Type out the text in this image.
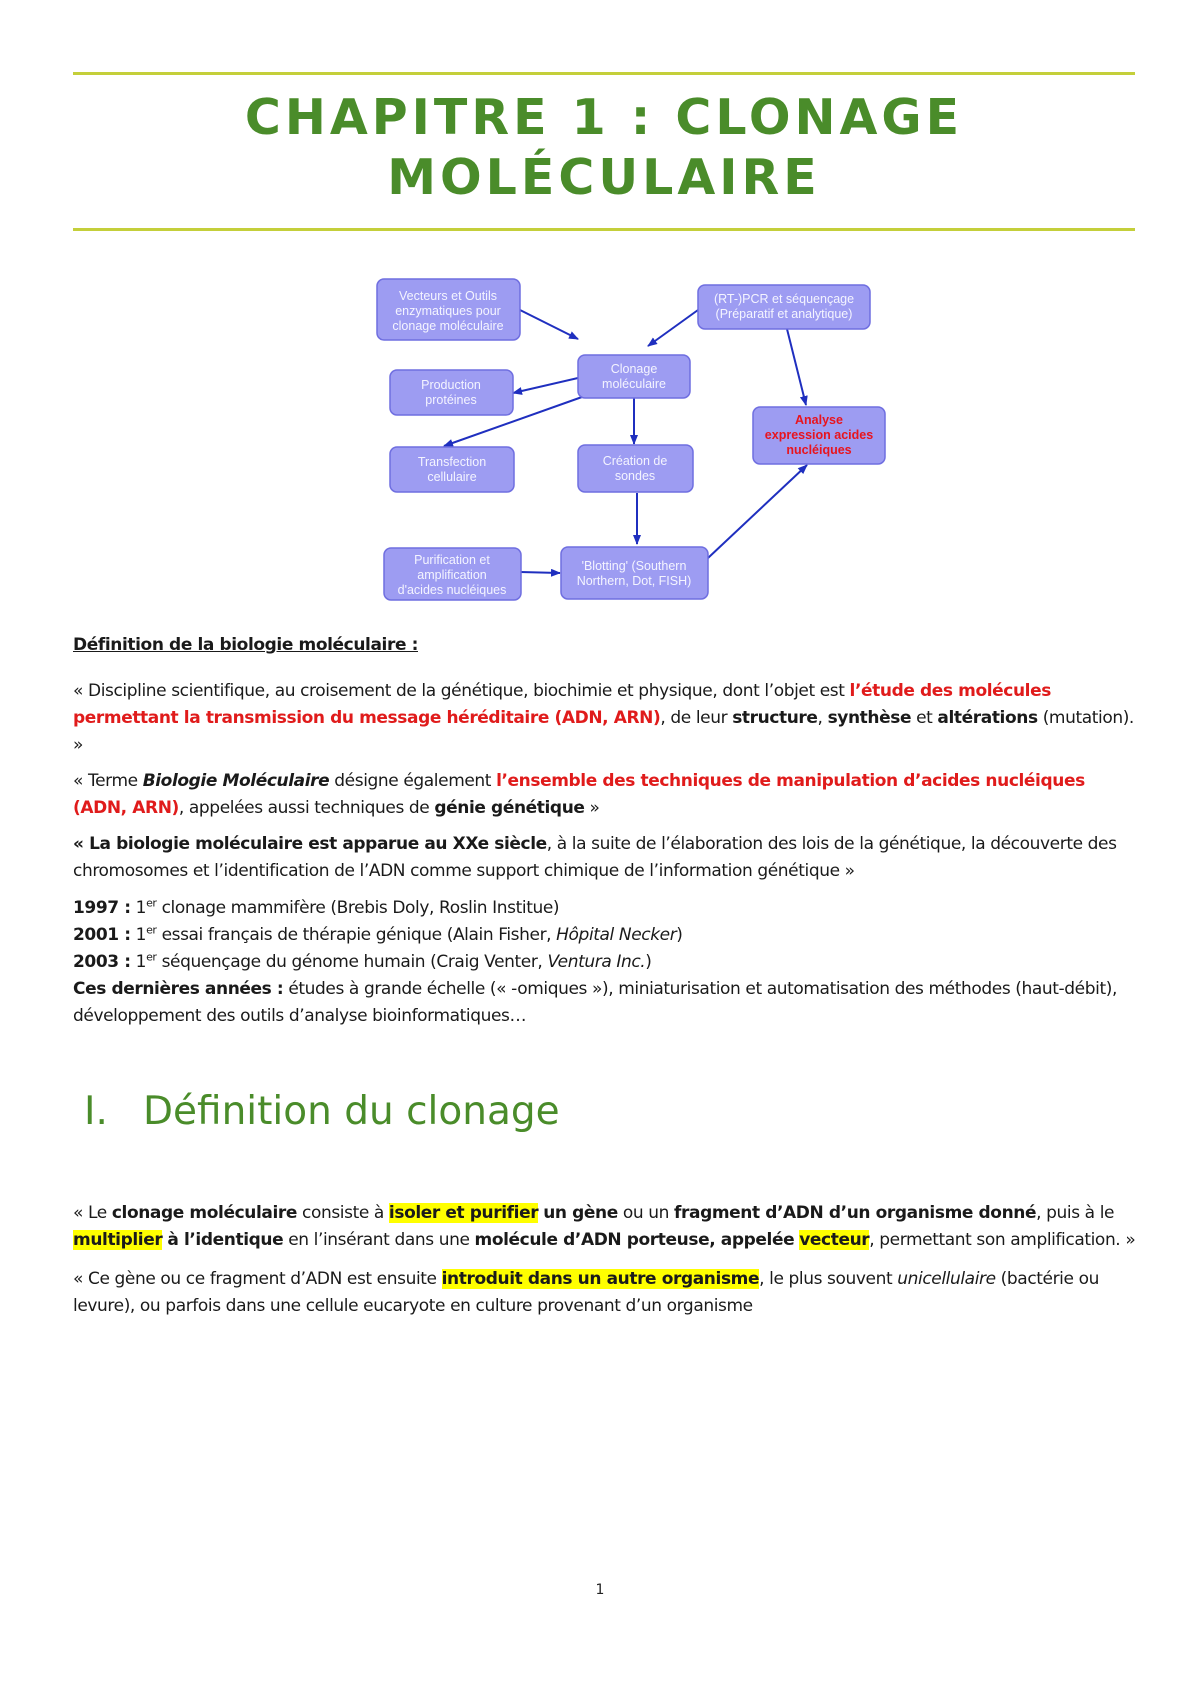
CHAPITRE 1 : CLONAGE
MOLÉCULAIRE
Vecteurs et Outils
enzymatiques pour
clonage moléculaire
(RT-)PCR et séquençage
(Préparatif et analytique)
Clonage
moléculaire
Production
protéines
Analyse
expression acides
nucléiques
Transfection
cellulaire
Création de
sondes
Purification et
amplification
d'acides nucléiques
'Blotting' (Southern
Northern, Dot, FISH)

Définition de la biologie moléculaire :

« Discipline scientifique, au croisement de la génétique, biochimie et physique, dont l’objet est l’étude des molécules permettant la transmission du message héréditaire (ADN, ARN), de leur structure, synthèse et altérations (mutation). »

« Terme Biologie Moléculaire désigne également l’ensemble des techniques de manipulation d’acides nucléiques (ADN, ARN), appelées aussi techniques de génie génétique »

« La biologie moléculaire est apparue au XXe siècle, à la suite de l’élaboration des lois de la génétique, la découverte des chromosomes et l’identification de l’ADN comme support chimique de l’information génétique »

1997 : 1er clonage mammifère (Brebis Doly, Roslin Institue)
2001 : 1er essai français de thérapie génique (Alain Fisher, Hôpital Necker)
2003 : 1er séquençage du génome humain (Craig Venter, Ventura Inc.)
Ces dernières années : études à grande échelle (« -omiques »), miniaturisation et automatisation des méthodes (haut-débit), développement des outils d’analyse bioinformatiques…
I. Définition du clonage

« Le clonage moléculaire consiste à isoler et purifier un gène ou un fragment d’ADN d’un organisme donné, puis à le multiplier à l’identique en l’insérant dans une molécule d’ADN porteuse, appelée vecteur, permettant son amplification. »

« Ce gène ou ce fragment d’ADN est ensuite introduit dans un autre organisme, le plus souvent unicellulaire (bactérie ou levure), ou parfois dans une cellule eucaryote en culture provenant d’un organisme

1
